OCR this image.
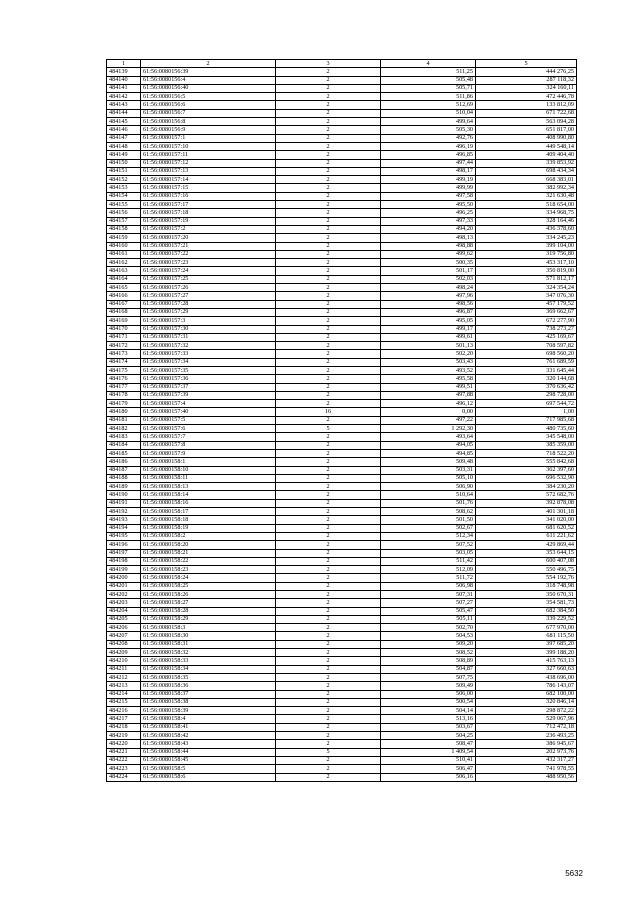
1	2	3	4	5
484139	61:56:0080156:39	2	511,25	444 276,25
484140	61:56:0080156:4	2	505,48	287 118,32
484141	61:56:0080156:40	2	505,71	324 160,11
484142	61:56:0080156:5	2	511,86	472 446,78
484143	61:56:0080156:6	2	512,69	133 812,09
484144	61:56:0080156:7	2	510,04	671 722,68
484145	61:56:0080156:8	2	499,64	563 094,28
484146	61:56:0080156:9	2	505,30	651 817,00
484147	61:56:0080157:1	2	492,76	408 990,80
484148	61:56:0080157:10	2	496,19	449 548,14
484149	61:56:0080157:11	2	496,85	409 404,40
484150	61:56:0080157:12	2	497,44	339 853,92
484151	61:56:0080157:13	2	498,17	698 434,34
484152	61:56:0080157:14	2	499,19	668 383,01
484153	61:56:0080157:15	2	499,99	382 992,34
484154	61:56:0080157:16	2	497,58	321 630,48
484155	61:56:0080157:17	2	495,50	518 654,00
484156	61:56:0080157:18	2	496,25	334 968,75
484157	61:56:0080157:19	2	497,33	328 164,46
484158	61:56:0080157:2	2	494,20	436 378,60
484159	61:56:0080157:20	2	498,13	334 245,23
484160	61:56:0080157:21	2	498,88	399 104,00
484161	61:56:0080157:22	2	499,62	319 756,80
484162	61:56:0080157:23	2	500,35	453 317,10
484163	61:56:0080157:24	2	501,17	350 819,00
484164	61:56:0080157:25	2	502,03	571 812,17
484165	61:56:0080157:26	2	498,24	324 354,24
484166	61:56:0080157:27	2	497,96	347 076,30
484167	61:56:0080157:28	2	498,56	457 179,52
484168	61:56:0080157:29	2	496,87	369 662,67
484169	61:56:0080157:3	2	495,05	672 277,90
484170	61:56:0080157:30	2	499,17	738 273,27
484171	61:56:0080157:31	2	499,61	425 169,67
484172	61:56:0080157:32	2	501,13	708 597,82
484173	61:56:0080157:33	2	502,20	698 560,20
484174	61:56:0080157:34	2	503,43	761 689,59
484175	61:56:0080157:35	2	493,52	331 645,44
484176	61:56:0080157:36	2	495,58	320 144,68
484177	61:56:0080157:37	2	499,51	370 636,42
484178	61:56:0080157:39	2	497,88	298 728,00
484179	61:56:0080157:4	2	496,12	697 544,72
484180	61:56:0080157:40	16	0,00	1,00
484181	61:56:0080157:5	2	497,22	717 985,68
484182	61:56:0080157:6	5	1 292,30	480 735,60
484183	61:56:0080157:7	2	493,64	345 548,00
484184	61:56:0080157:8	2	494,05	385 359,00
484185	61:56:0080157:9	2	494,85	718 522,20
484186	61:56:0080158:1	2	509,48	555 842,68
484187	61:56:0080158:10	2	503,31	362 397,60
484188	61:56:0080158:11	2	505,10	696 532,90
484189	61:56:0080158:13	2	506,90	384 230,20
484190	61:56:0080158:14	2	510,64	572 682,76
484191	61:56:0080158:16	2	501,76	392 878,08
484192	61:56:0080158:17	2	508,62	401 301,18
484193	61:56:0080158:18	2	501,50	341 020,00
484194	61:56:0080158:19	2	502,67	681 620,52
484195	61:56:0080158:2	2	512,34	611 221,62
484196	61:56:0080158:20	2	507,52	429 869,44
484197	61:56:0080158:21	2	503,05	353 644,15
484198	61:56:0080158:22	2	511,42	600 407,08
484199	61:56:0080158:23	2	512,09	550 496,75
484200	61:56:0080158:24	2	511,72	554 192,76
484201	61:56:0080158:25	2	506,98	318 748,98
484202	61:56:0080158:26	2	507,31	350 670,31
484203	61:56:0080158:27	2	507,27	354 581,73
484204	61:56:0080158:28	2	505,47	682 384,50
484205	61:56:0080158:29	2	505,11	339 229,52
484206	61:56:0080158:3	2	502,70	677 970,00
484207	61:56:0080158:30	2	504,53	681 115,50
484208	61:56:0080158:31	2	509,20	397 685,20
484209	61:56:0080158:32	2	508,52	399 188,20
484210	61:56:0080158:33	2	508,89	415 763,13
484211	61:56:0080158:34	2	504,87	327 660,63
484212	61:56:0080158:35	2	507,75	438 696,00
484213	61:56:0080158:36	2	509,49	786 143,07
484214	61:56:0080158:37	2	506,00	682 100,00
484215	61:56:0080158:38	2	500,54	320 846,14
484216	61:56:0080158:39	2	504,14	298 872,22
484217	61:56:0080158:4	2	513,16	529 067,96
484218	61:56:0080158:41	2	503,67	712 472,18
484219	61:56:0080158:42	2	504,25	236 493,25
484220	61:56:0080158:43	2	508,47	386 945,67
484221	61:56:0080158:44	5	1 409,54	202 973,76
484222	61:56:0080158:45	2	510,41	432 317,27
484223	61:56:0080158:5	2	506,47	741 978,55
484224	61:56:0080158:6	2	506,16	488 950,56
5632
